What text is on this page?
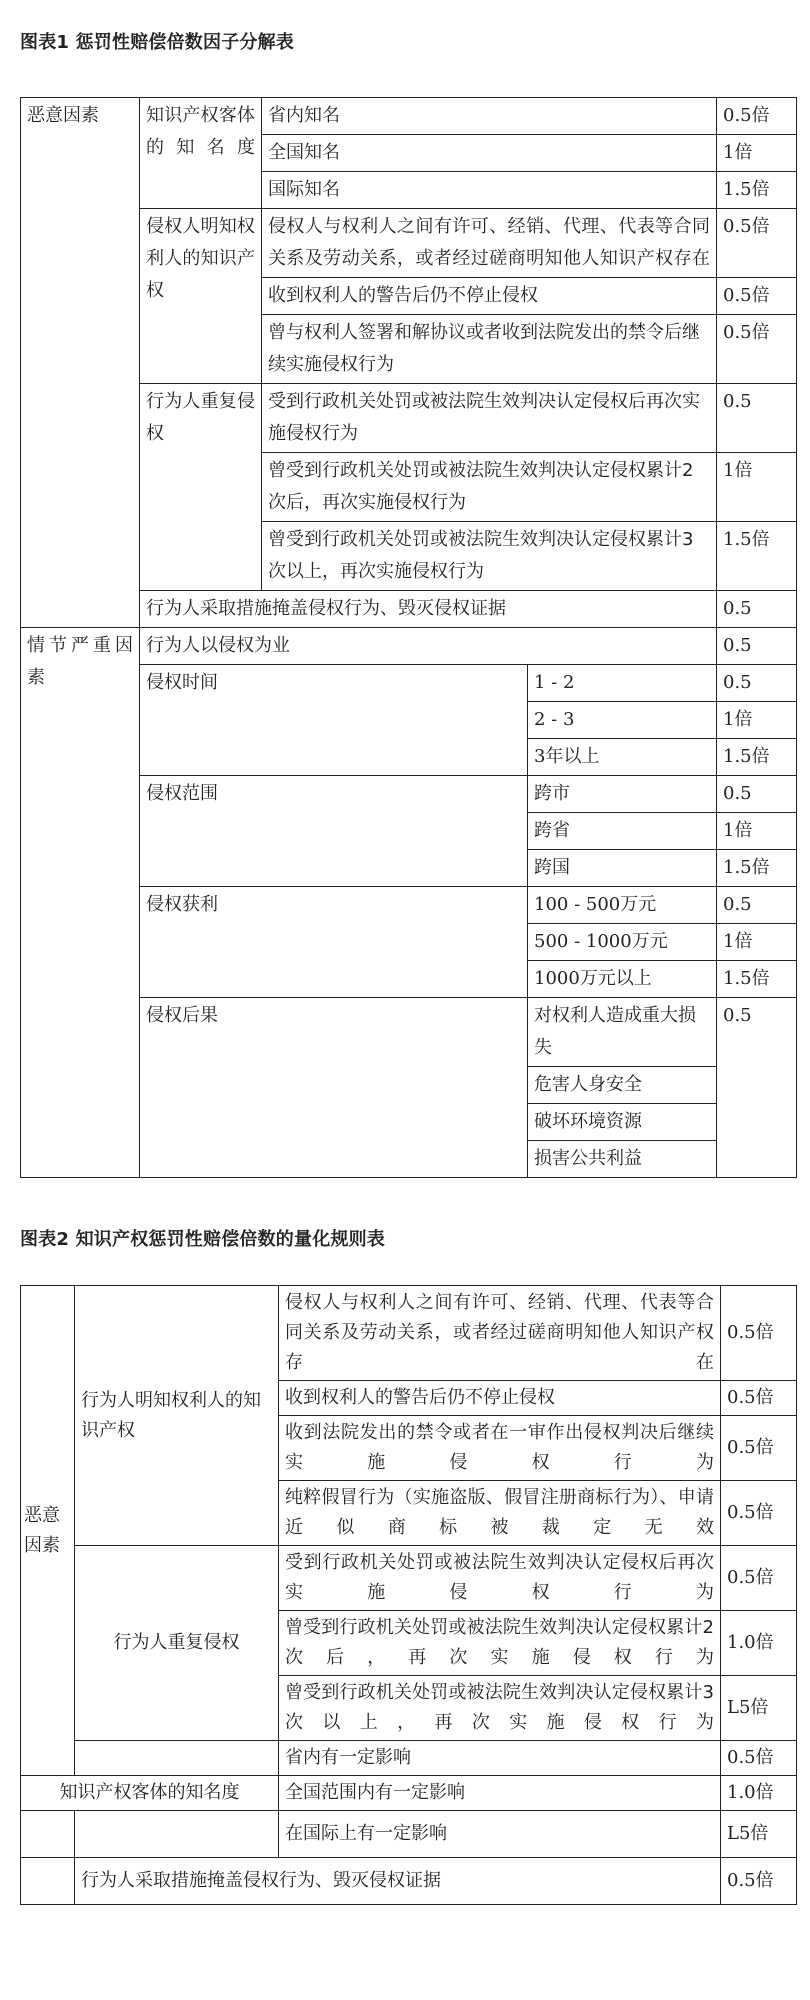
图表1 惩罚性赔偿倍数因子分解表
恶意因素	知识产权客体的知名度	省内知名		0.5倍
		全国知名		1倍
		国际知名		1.5倍
	侵权人明知权利人的知识产权	侵权人与权利人之间有许可、经销、代理、代表等合同关系及劳动关系，或者经过磋商明知他人知识产权存在		0.5倍
		收到权利人的警告后仍不停止侵权		0.5倍
		曾与权利人签署和解协议或者收到法院发出的禁令后继续实施侵权行为		0.5倍
	行为人重复侵权	受到行政机关处罚或被法院生效判决认定侵权后再次实施侵权行为		0.5
		曾受到行政机关处罚或被法院生效判决认定侵权累计2次后，再次实施侵权行为		1倍
		曾受到行政机关处罚或被法院生效判决认定侵权累计3次以上，再次实施侵权行为		1.5倍
	行为人采取措施掩盖侵权行为、毁灭侵权证据			0.5
情节严重因素	行为人以侵权为业			0.5
	侵权时间		1 - 2	0.5
			2 - 3	1倍
			3年以上	1.5倍
	侵权范围		跨市	0.5
			跨省	1倍
			跨国	1.5倍
	侵权获利		100 - 500万元	0.5
			500 - 1000万元	1倍
			1000万元以上	1.5倍
	侵权后果		对权利人造成重大损失	0.5
			危害人身安全	
			破坏环境资源	
			损害公共利益	
图表2 知识产权惩罚性赔偿倍数的量化规则表
恶意因素	行为人明知权利人的知识产权	侵权人与权利人之间有许可、经销、代理、代表等合同关系及劳动关系，或者经过磋商明知他人知识产权存在	0.5倍
		收到权利人的警告后仍不停止侵权	0.5倍
		收到法院发出的禁令或者在一审作出侵权判决后继续实施侵权行为	0.5倍
		纯粹假冒行为（实施盗版、假冒注册商标行为）、申请近似商标被裁定无效	0.5倍
	行为人重复侵权	受到行政机关处罚或被法院生效判决认定侵权后再次实施侵权行为	0.5倍
		曾受到行政机关处罚或被法院生效判决认定侵权累计2次后，再次实施侵权行为	1.0倍
		曾受到行政机关处罚或被法院生效判决认定侵权累计3次以上，再次实施侵权行为	L5倍
		省内有一定影响	0.5倍
知识产权客体的知名度		全国范围内有一定影响	1.0倍
		在国际上有一定影响	L5倍
	行为人采取措施掩盖侵权行为、毁灭侵权证据		0.5倍
